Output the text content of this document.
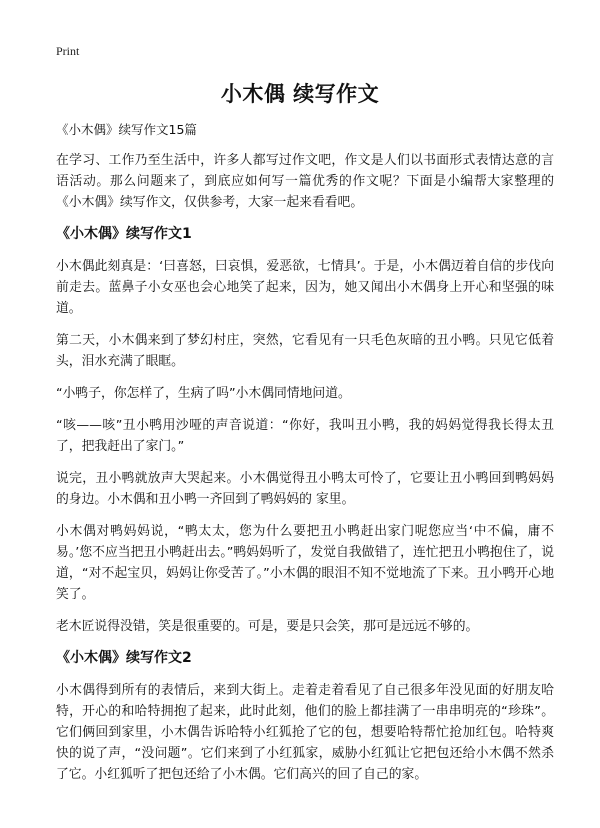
Print
小木偶 续写作文
《小木偶》续写作文15篇

在学习、工作乃至生活中，许多人都写过作文吧，作文是人们以书面形式表情达意的言语活动。那么问题来了，到底应如何写一篇优秀的作文呢？下面是小编帮大家整理的《小木偶》续写作文，仅供参考，大家一起来看看吧。

《小木偶》续写作文1

小木偶此刻真是：‘曰喜怒，曰哀惧，爱恶欲，七情具’。于是，小木偶迈着自信的步伐向前走去。蓝鼻子小女巫也会心地笑了起来，因为，她又闻出小木偶身上开心和坚强的味道。

第二天，小木偶来到了梦幻村庄，突然，它看见有一只毛色灰暗的丑小鸭。只见它低着头，泪水充满了眼眶。

“小鸭子，你怎样了，生病了吗”小木偶同情地问道。

“咳——咳”丑小鸭用沙哑的声音说道：“你好，我叫丑小鸭，我的妈妈觉得我长得太丑了，把我赶出了家门。”

说完，丑小鸭就放声大哭起来。小木偶觉得丑小鸭太可怜了，它要让丑小鸭回到鸭妈妈的身边。小木偶和丑小鸭一齐回到了鸭妈妈的 家里。

小木偶对鸭妈妈说，“鸭太太，您为什么要把丑小鸭赶出家门呢您应当‘中不偏，庸不易。’您不应当把丑小鸭赶出去。”鸭妈妈听了，发觉自我做错了，连忙把丑小鸭抱住了，说道，“对不起宝贝，妈妈让你受苦了。”小木偶的眼泪不知不觉地流了下来。丑小鸭开心地笑了。

老木匠说得没错，笑是很重要的。可是，要是只会笑，那可是远远不够的。

《小木偶》续写作文2

小木偶得到所有的表情后，来到大街上。走着走着看见了自己很多年没见面的好朋友哈特，开心的和哈特拥抱了起来，此时此刻，他们的脸上都挂满了一串串明亮的“珍珠”。它们俩回到家里，小木偶告诉哈特小红狐抢了它的包，想要哈特帮忙抢加红包。哈特爽快的说了声，“没问题”。它们来到了小红狐家，威胁小红狐让它把包还给小木偶不然杀了它。小红狐听了把包还给了小木偶。它们高兴的回了自己的家。
